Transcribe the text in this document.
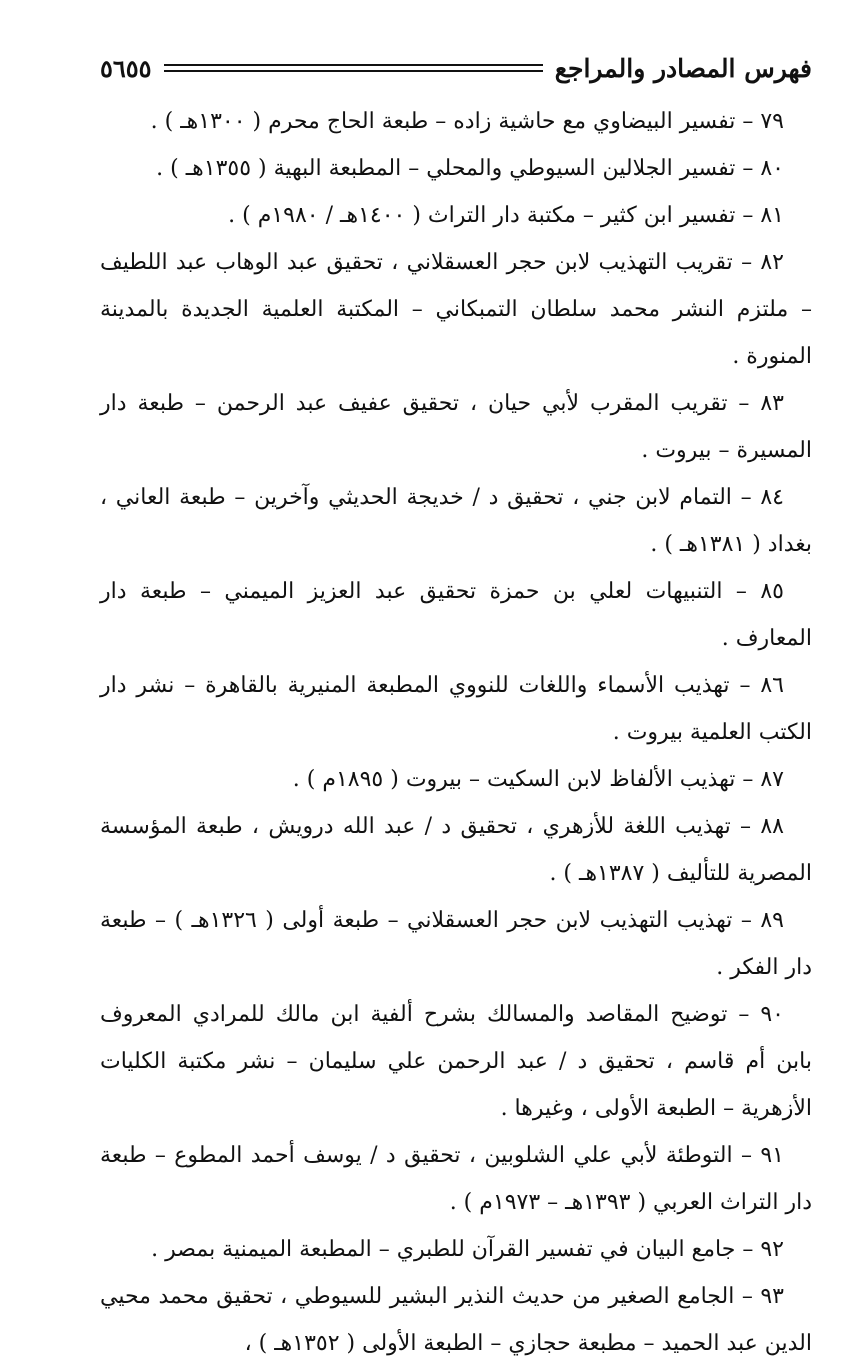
فهرس المصادر والمراجع
٥٦٥٥
٧٩ – تفسير البيضاوي مع حاشية زاده – طبعة الحاج محرم ( ١٣٠٠هـ ) .
٨٠ – تفسير الجلالين السيوطي والمحلي – المطبعة البهية ( ١٣٥٥هـ ) .
٨١ – تفسير ابن كثير – مكتبة دار التراث ( ١٤٠٠هـ / ١٩٨٠م ) .
٨٢ – تقريب التهذيب لابن حجر العسقلاني ، تحقيق عبد الوهاب عبد اللطيف – ملتزم النشر محمد سلطان التمبكاني – المكتبة العلمية الجديدة بالمدينة المنورة .
٨٣ – تقريب المقرب لأبي حيان ، تحقيق عفيف عبد الرحمن – طبعة دار المسيرة – بيروت .
٨٤ – التمام لابن جني ، تحقيق د / خديجة الحديثي وآخرين – طبعة العاني ، بغداد ( ١٣٨١هـ ) .
٨٥ – التنبيهات لعلي بن حمزة تحقيق عبد العزيز الميمني – طبعة دار المعارف .
٨٦ – تهذيب الأسماء واللغات للنووي المطبعة المنيرية بالقاهرة – نشر دار الكتب العلمية بيروت .
٨٧ – تهذيب الألفاظ لابن السكيت – بيروت ( ١٨٩٥م ) .
٨٨ – تهذيب اللغة للأزهري ، تحقيق د / عبد الله درويش ، طبعة المؤسسة المصرية للتأليف ( ١٣٨٧هـ ) .
٨٩ – تهذيب التهذيب لابن حجر العسقلاني – طبعة أولى ( ١٣٢٦هـ ) – طبعة دار الفكر .
٩٠ – توضيح المقاصد والمسالك بشرح ألفية ابن مالك للمرادي المعروف بابن أم قاسم ، تحقيق د / عبد الرحمن علي سليمان – نشر مكتبة الكليات الأزهرية – الطبعة الأولى ، وغيرها .
٩١ – التوطئة لأبي علي الشلوبين ، تحقيق د / يوسف أحمد المطوع – طبعة دار التراث العربي ( ١٣٩٣هـ – ١٩٧٣م ) .
٩٢ – جامع البيان في تفسير القرآن للطبري – المطبعة الميمنية بمصر .
٩٣ – الجامع الصغير من حديث النذير البشير للسيوطي ، تحقيق محمد محيي الدين عبد الحميد – مطبعة حجازي – الطبعة الأولى ( ١٣٥٢هـ ) ،
